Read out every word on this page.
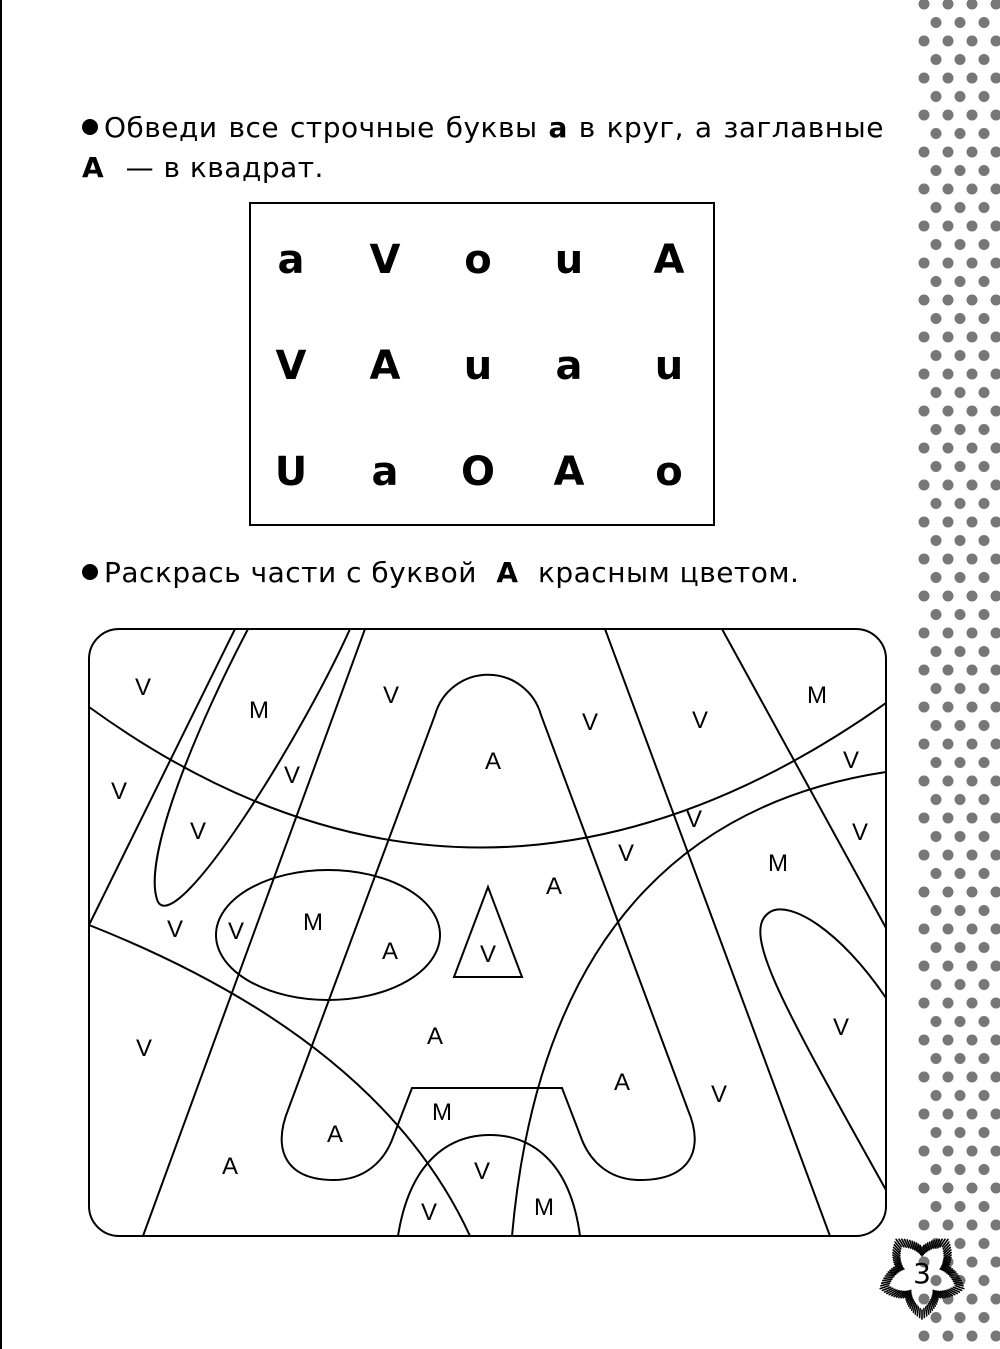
Обведи все строчные буквы а в круг, а заглавные
А — в квадрат.
a	V	o	u	A
V	A	u	a	u
U	a	O	A	o
Раскрась части с буквой А красным цветом.
V
M
V
V	V
M
V
V
A	V
V	V	V
V	M
A
V V M
A	V
A	V
V
M
A
A
V
A	V
M
V
3
